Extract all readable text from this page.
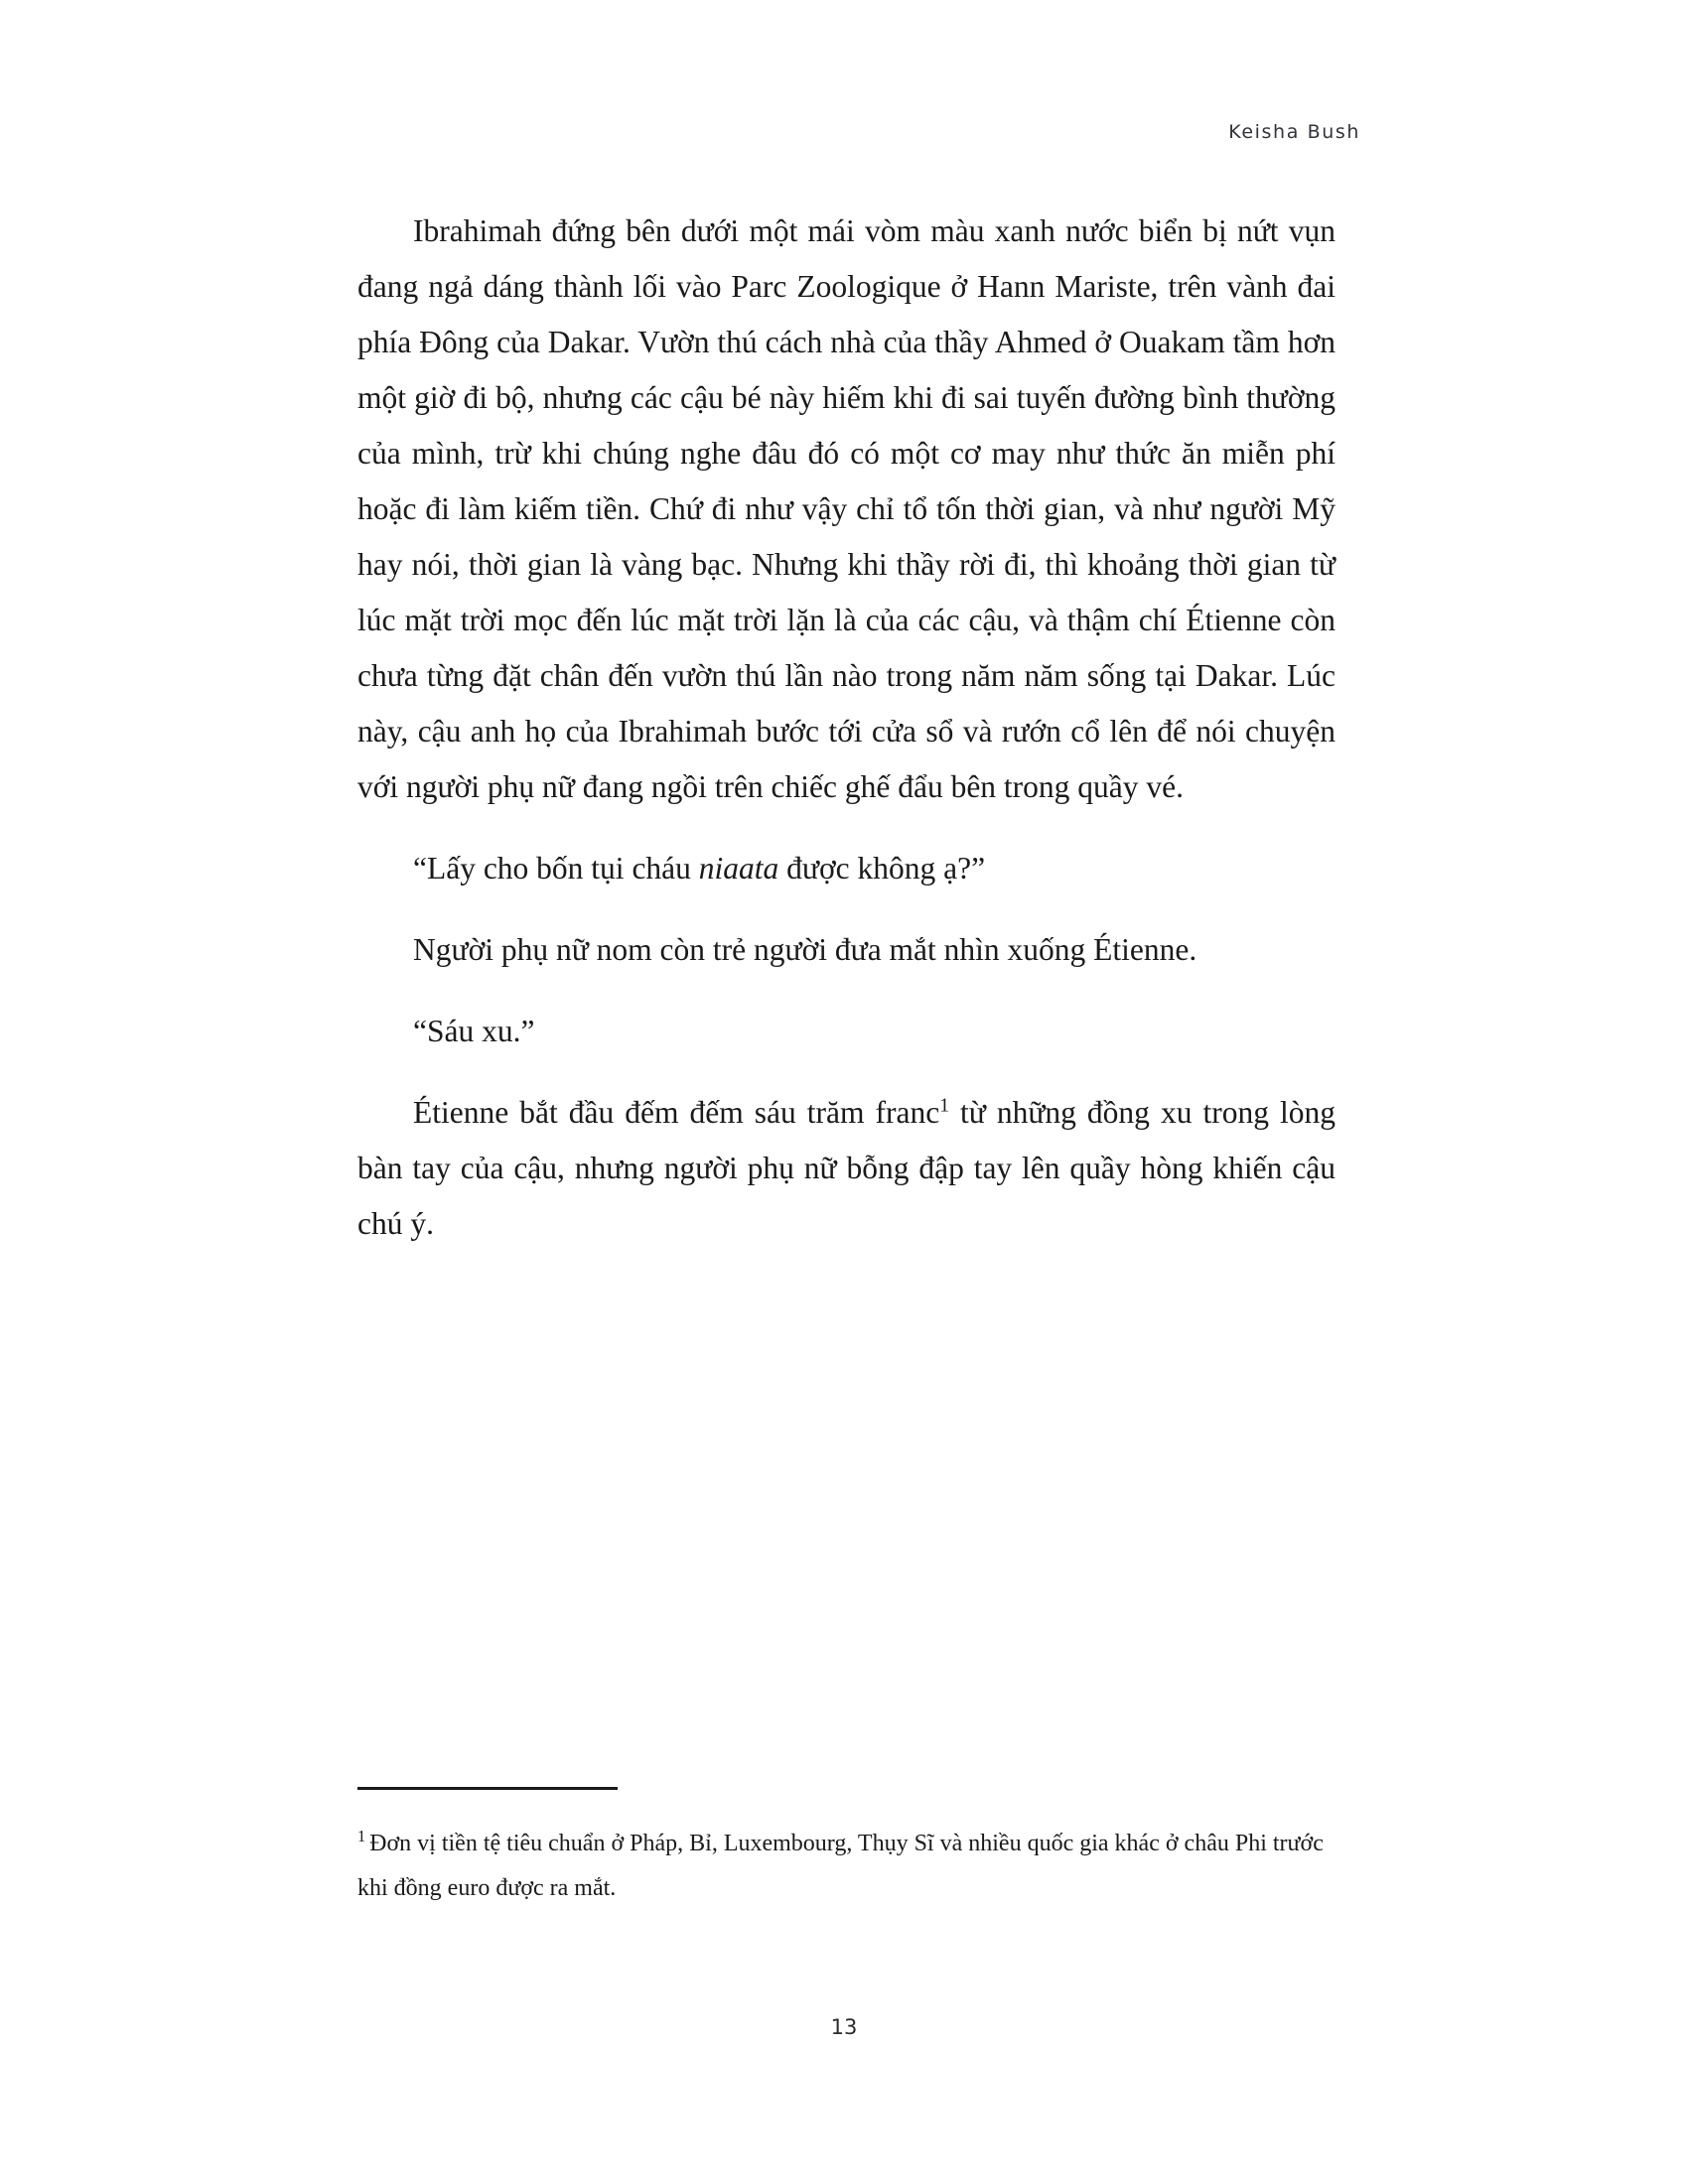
Keisha Bush

Ibrahimah đứng bên dưới một mái vòm màu xanh nước biển bị nứt vụn đang ngả dáng thành lối vào Parc Zoologique ở Hann Mariste, trên vành đai phía Đông của Dakar. Vườn thú cách nhà của thầy Ahmed ở Ouakam tầm hơn một giờ đi bộ, nhưng các cậu bé này hiếm khi đi sai tuyến đường bình thường của mình, trừ khi chúng nghe đâu đó có một cơ may như thức ăn miễn phí hoặc đi làm kiếm tiền. Chứ đi như vậy chỉ tổ tốn thời gian, và như người Mỹ hay nói, thời gian là vàng bạc. Nhưng khi thầy rời đi, thì khoảng thời gian từ lúc mặt trời mọc đến lúc mặt trời lặn là của các cậu, và thậm chí Étienne còn chưa từng đặt chân đến vườn thú lần nào trong năm năm sống tại Dakar. Lúc này, cậu anh họ của Ibrahimah bước tới cửa sổ và rướn cổ lên để nói chuyện với người phụ nữ đang ngồi trên chiếc ghế đẩu bên trong quầy vé.

“Lấy cho bốn tụi cháu niaata được không ạ?”

Người phụ nữ nom còn trẻ người đưa mắt nhìn xuống Étienne.

“Sáu xu.”

Étienne bắt đầu đếm đếm sáu trăm franc$^1$ từ những đồng xu trong lòng bàn tay của cậu, nhưng người phụ nữ bỗng đập tay lên quầy hòng khiến cậu chú ý.

$^1$ Đơn vị tiền tệ tiêu chuẩn ở Pháp, Bỉ, Luxembourg, Thụy Sĩ và nhiều quốc gia khác ở châu Phi trước khi đồng euro được ra mắt.
13
